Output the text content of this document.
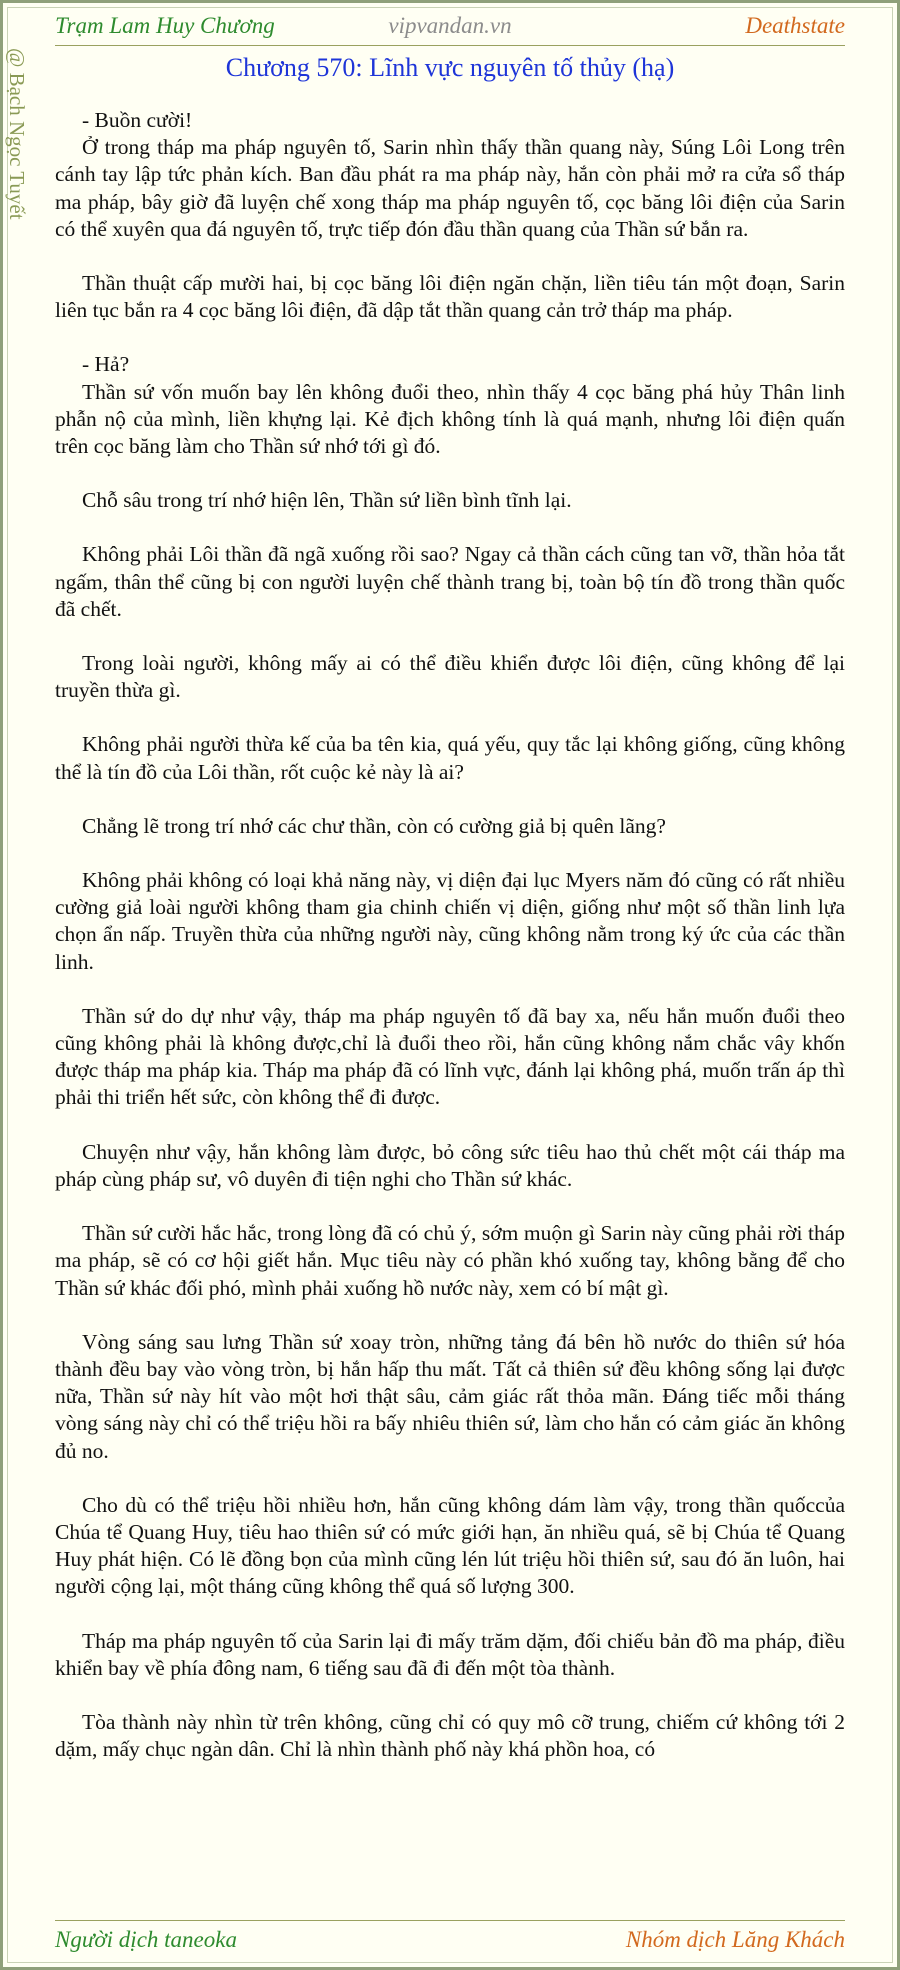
Trạm Lam Huy Chương	vipvandan.vn	Deathstate
@ Bạch Ngọc Tuyết	Chương 570: Lĩnh vực nguyên tố thủy (hạ)

- Buồn cười!

Ở trong tháp ma pháp nguyên tố, Sarin nhìn thấy thần quang này, Súng Lôi Long trên cánh tay lập tức phản kích. Ban đầu phát ra ma pháp này, hắn còn phải mở ra cửa sổ tháp ma pháp, bây giờ đã luyện chế xong tháp ma pháp nguyên tố, cọc băng lôi điện của Sarin có thể xuyên qua đá nguyên tố, trực tiếp đón đầu thần quang của Thần sứ bắn ra.

Thần thuật cấp mười hai, bị cọc băng lôi điện ngăn chặn, liền tiêu tán một đoạn, Sarin liên tục bắn ra 4 cọc băng lôi điện, đã dập tắt thần quang cản trở tháp ma pháp.

- Hả?

Thần sứ vốn muốn bay lên không đuổi theo, nhìn thấy 4 cọc băng phá hủy Thân linh phẫn nộ của mình, liền khựng lại. Kẻ địch không tính là quá mạnh, nhưng lôi điện quấn trên cọc băng làm cho Thần sứ nhớ tới gì đó.

Chỗ sâu trong trí nhớ hiện lên, Thần sứ liền bình tĩnh lại.

Không phải Lôi thần đã ngã xuống rồi sao? Ngay cả thần cách cũng tan vỡ, thần hỏa tắt ngấm, thân thể cũng bị con người luyện chế thành trang bị, toàn bộ tín đồ trong thần quốc đã chết.

Trong loài người, không mấy ai có thể điều khiển được lôi điện, cũng không để lại truyền thừa gì.

Không phải người thừa kế của ba tên kia, quá yếu, quy tắc lại không giống, cũng không thể là tín đồ của Lôi thần, rốt cuộc kẻ này là ai?

Chẳng lẽ trong trí nhớ các chư thần, còn có cường giả bị quên lãng?

Không phải không có loại khả năng này, vị diện đại lục Myers năm đó cũng có rất nhiều cường giả loài người không tham gia chinh chiến vị diện, giống như một số thần linh lựa chọn ẩn nấp. Truyền thừa của những người này, cũng không nằm trong ký ức của các thần linh.

Thần sứ do dự như vậy, tháp ma pháp nguyên tố đã bay xa, nếu hắn muốn đuổi theo cũng không phải là không được,chỉ là đuổi theo rồi, hắn cũng không nắm chắc vây khốn được tháp ma pháp kia. Tháp ma pháp đã có lĩnh vực, đánh lại không phá, muốn trấn áp thì phải thi triển hết sức, còn không thể đi được.

Chuyện như vậy, hắn không làm được, bỏ công sức tiêu hao thủ chết một cái tháp ma pháp cùng pháp sư, vô duyên đi tiện nghi cho Thần sứ khác.

Thần sứ cười hắc hắc, trong lòng đã có chủ ý, sớm muộn gì Sarin này cũng phải rời tháp ma pháp, sẽ có cơ hội giết hắn. Mục tiêu này có phần khó xuống tay, không bằng để cho Thần sứ khác đối phó, mình phải xuống hồ nước này, xem có bí mật gì.

Vòng sáng sau lưng Thần sứ xoay tròn, những tảng đá bên hồ nước do thiên sứ hóa thành đều bay vào vòng tròn, bị hắn hấp thu mất. Tất cả thiên sứ đều không sống lại được nữa, Thần sứ này hít vào một hơi thật sâu, cảm giác rất thỏa mãn. Đáng tiếc mỗi tháng vòng sáng này chỉ có thể triệu hồi ra bấy nhiêu thiên sứ, làm cho hắn có cảm giác ăn không đủ no.

Cho dù có thể triệu hồi nhiều hơn, hắn cũng không dám làm vậy, trong thần quốccủa Chúa tể Quang Huy, tiêu hao thiên sứ có mức giới hạn, ăn nhiều quá, sẽ bị Chúa tể Quang Huy phát hiện. Có lẽ đồng bọn của mình cũng lén lút triệu hồi thiên sứ, sau đó ăn luôn, hai người cộng lại, một tháng cũng không thể quá số lượng 300.

Tháp ma pháp nguyên tố của Sarin lại đi mấy trăm dặm, đối chiếu bản đồ ma pháp, điều khiển bay về phía đông nam, 6 tiếng sau đã đi đến một tòa thành.

Tòa thành này nhìn từ trên không, cũng chỉ có quy mô cỡ trung, chiếm cứ không tới 2 dặm, mấy chục ngàn dân. Chỉ là nhìn thành phố này khá phồn hoa, có

Người dịch taneoka	Nhóm dịch Lăng Khách
